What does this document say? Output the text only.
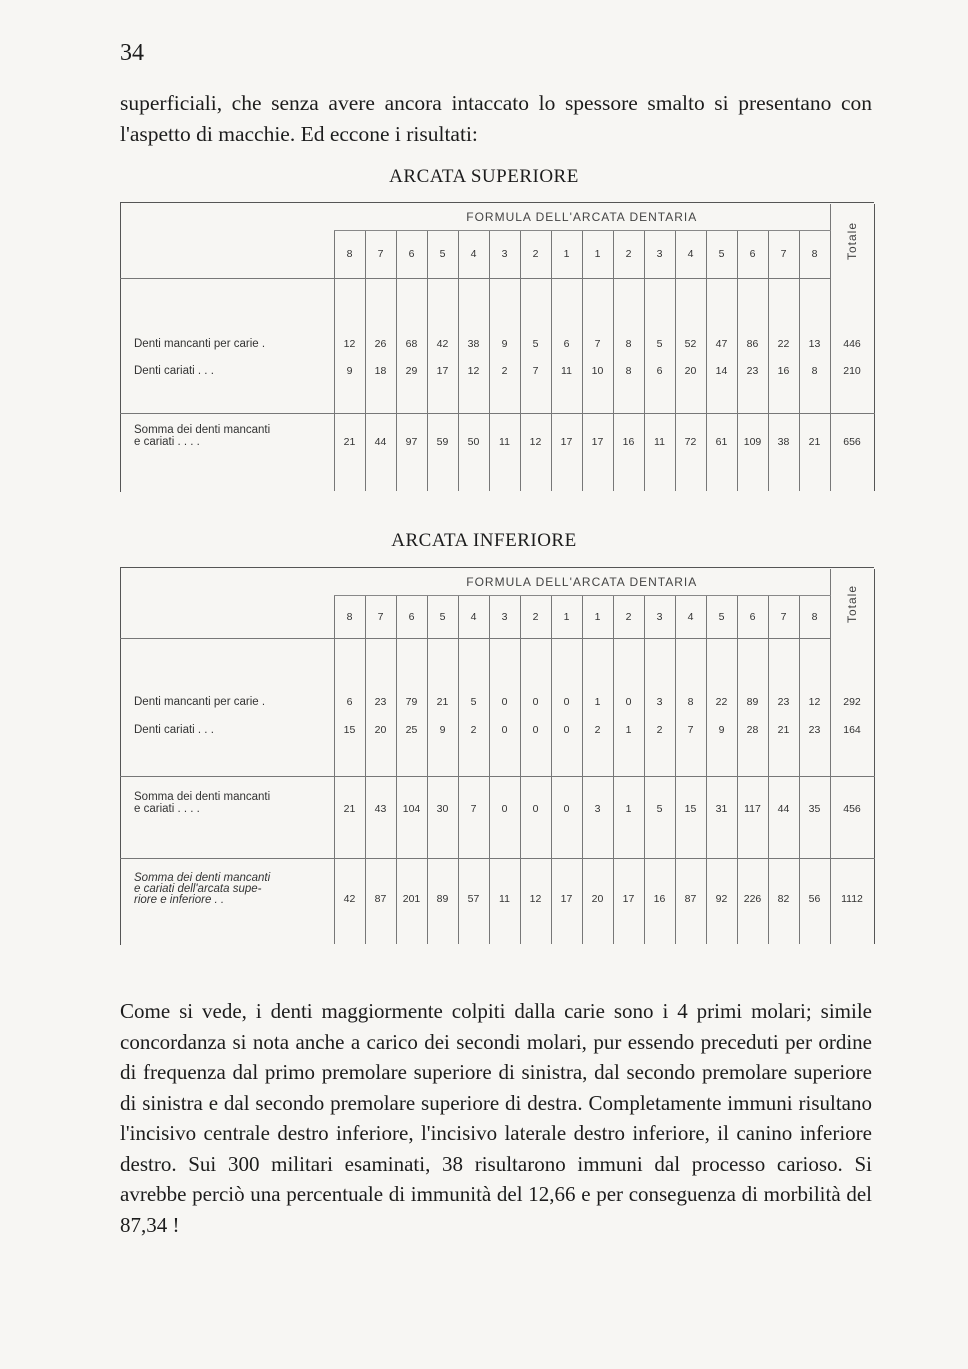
34
superficiali, che senza avere ancora intaccato lo spessore smalto si presentano con l'aspetto di macchie. Ed eccone i risultati:
ARCATA SUPERIORE
	FORMULA DELL'ARCATA DENTARIA																Totale
	8	7	6	5	4	3	2	1	1	2	3	4	5	6	7	8	
Denti mancanti per carie .	12	26	68	42	38	9	5	6	7	8	5	52	47	86	22	13	446
Denti cariati . . .	9	18	29	17	12	2	7	11	10	8	6	20	14	23	16	8	210

Somma dei denti mancanti
e cariati . . . .	21	44	97	59	50	11	12	17	17	16	11	72	61	109	38	21	656
ARCATA INFERIORE
	FORMULA DELL'ARCATA DENTARIA																Totale
	8	7	6	5	4	3	2	1	1	2	3	4	5	6	7	8	
Denti mancanti per carie .	6	23	79	21	5	0	0	0	1	0	3	8	22	89	23	12	292
Denti cariati . . .	15	20	25	9	2	0	0	0	2	1	2	7	9	28	21	23	164

Somma dei denti mancanti
e cariati . . . .	21	43	104	30	7	0	0	0	3	1	5	15	31	117	44	35	456

Somma dei denti mancanti
e cariati dell'arcata supe-
riore e inferiore . .	42	87	201	89	57	11	12	17	20	17	16	87	92	226	82	56	1112
Come si vede, i denti maggiormente colpiti dalla carie sono i 4 primi molari; simile concordanza si nota anche a carico dei secondi molari, pur essendo preceduti per ordine di frequenza dal primo premolare superiore di sinistra, dal secondo premolare superiore di sinistra e dal secondo premolare superiore di destra. Completamente immuni risultano l'incisivo centrale destro inferiore, l'incisivo laterale destro inferiore, il canino inferiore destro. Sui 300 militari esaminati, 38 risultarono immuni dal processo carioso. Si avrebbe perciò una percentuale di immunità del 12,66 e per conseguenza di morbilità del 87,34 !
